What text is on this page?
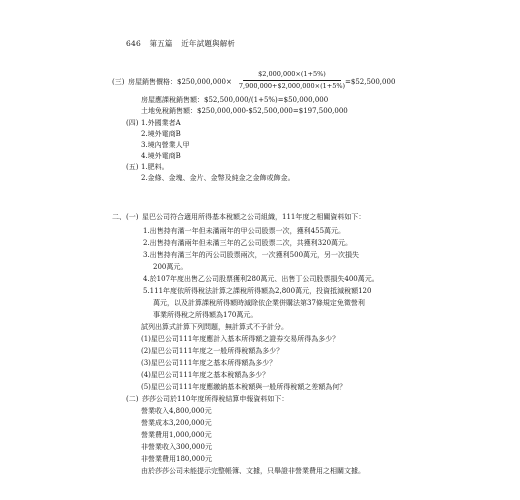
646 第五篇 近年試題與解析
(三) 房屋銷售價格：$250,000,000×
$2,000,000×(1+5%)
7,900,000+$2,000,000×(1+5%) =$52,500,000
房屋應課稅銷售額：$52,500,000/(1+5%)=$50,000,000
土地免稅銷售額：$250,000,000-$52,500,000=$197,500,000
(四) 1.外國業者A
2.境外電商B
3.境內營業人甲
4.境外電商B
(五) 1.肥料。
2.金條、金塊、金片、金幣及純金之金飾或飾金。
二、(一) 星巴公司符合適用所得基本稅額之公司組織，111年度之相關資料如下：
1.出售持有滿一年但未滿兩年的甲公司股票一次，獲利455萬元。
2.出售持有滿兩年但未滿三年的乙公司股票二次，共獲利320萬元。
3.出售持有滿三年的丙公司股票兩次，一次獲利500萬元，另一次損失
200萬元。
4.於107年度出售乙公司股票獲利280萬元、出售丁公司股票損失400萬元。
5.111年度依所得稅法計算之課稅所得額為2,800萬元，投資抵減稅額120
萬元，以及計算課稅所得額時減除依企業併購法第37條規定免徵營利
事業所得稅之所得額為170萬元。
試列出算式計算下列問題，無計算式不予計分。
(1)星巴公司111年度應計入基本所得額之證券交易所得為多少？
(2)星巴公司111年度之一般所得稅額為多少？
(3)星巴公司111年度之基本所得額為多少？
(4)星巴公司111年度之基本稅額為多少？
(5)星巴公司111年度應繳納基本稅額與一般所得稅額之差額為何？
(二) 莎莎公司於110年度所得稅結算申報資料如下：
營業收入4,800,000元
營業成本3,200,000元
營業費用1,000,000元
非營業收入300,000元
非營業費用180,000元
由於莎莎公司未能提示完整帳簿、文據，只舉證非營業費用之相關文據。
